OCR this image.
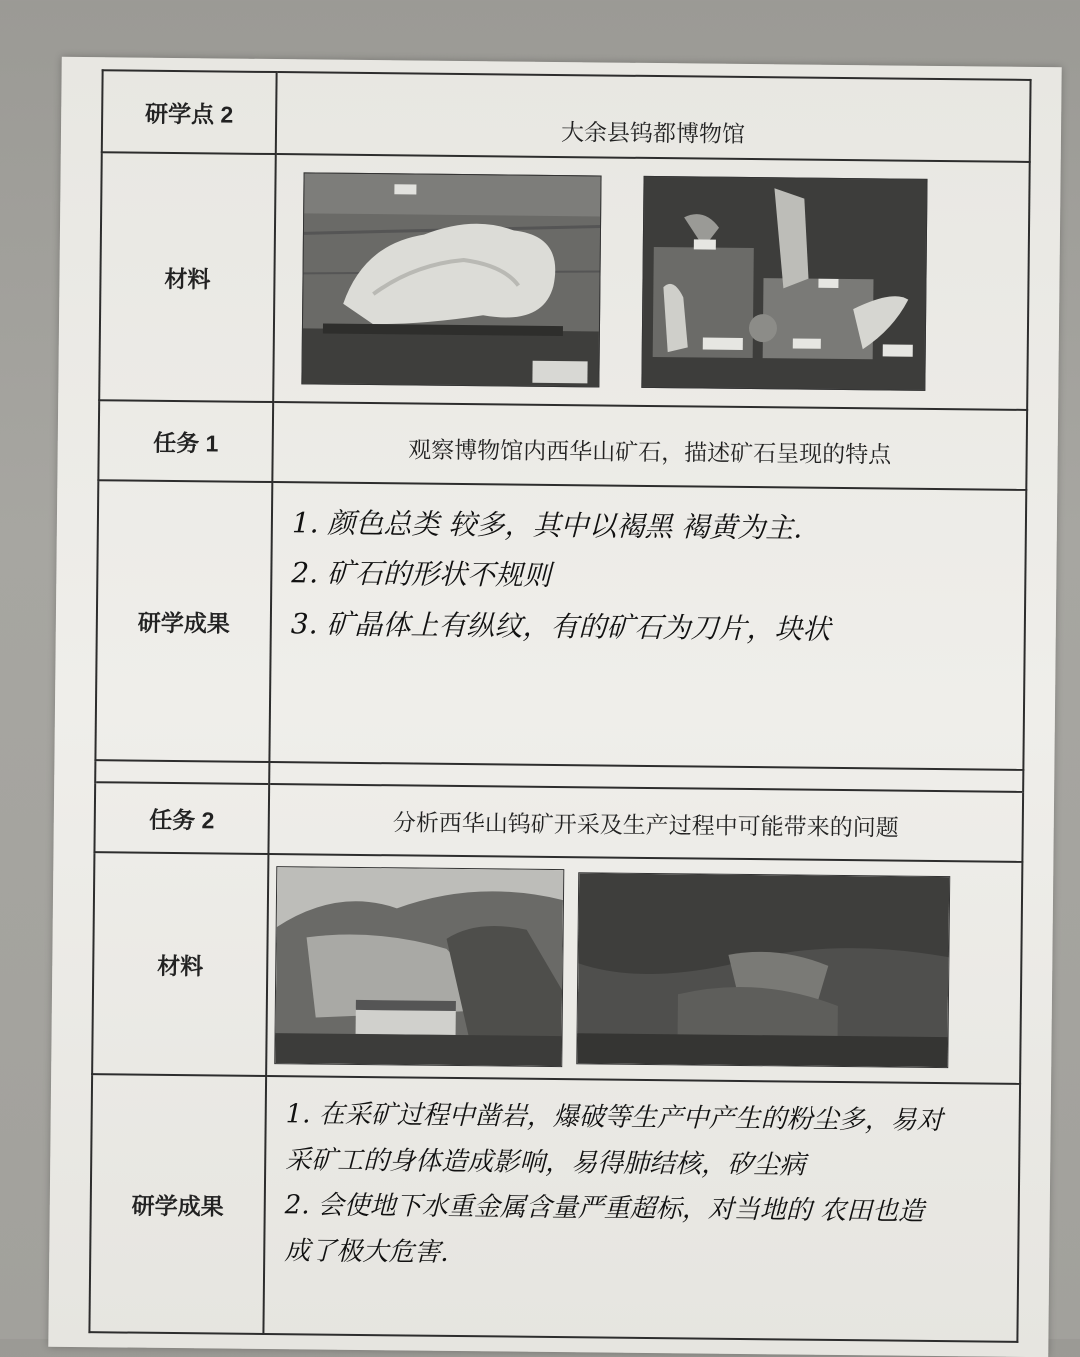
研学点 2	大余县钨都博物馆
材料	

任务 1	观察博物馆内西华山矿石，描述矿石呈现的特点
研学成果	1. 颜色总类 较多，其中以褐黑 褐黄为主.
2. 矿石的形状不规则
3. 矿晶体上有纵纹，有的矿石为刀片，块状

任务 2	分析西华山钨矿开采及生产过程中可能带来的问题
材料	

研学成果	1. 在采矿过程中凿岩，爆破等生产中产生的粉尘多，易对
采矿工的身体造成影响，易得肺结核，矽尘病
2. 会使地下水重金属含量严重超标，对当地的 农田也造
成了极大危害.
